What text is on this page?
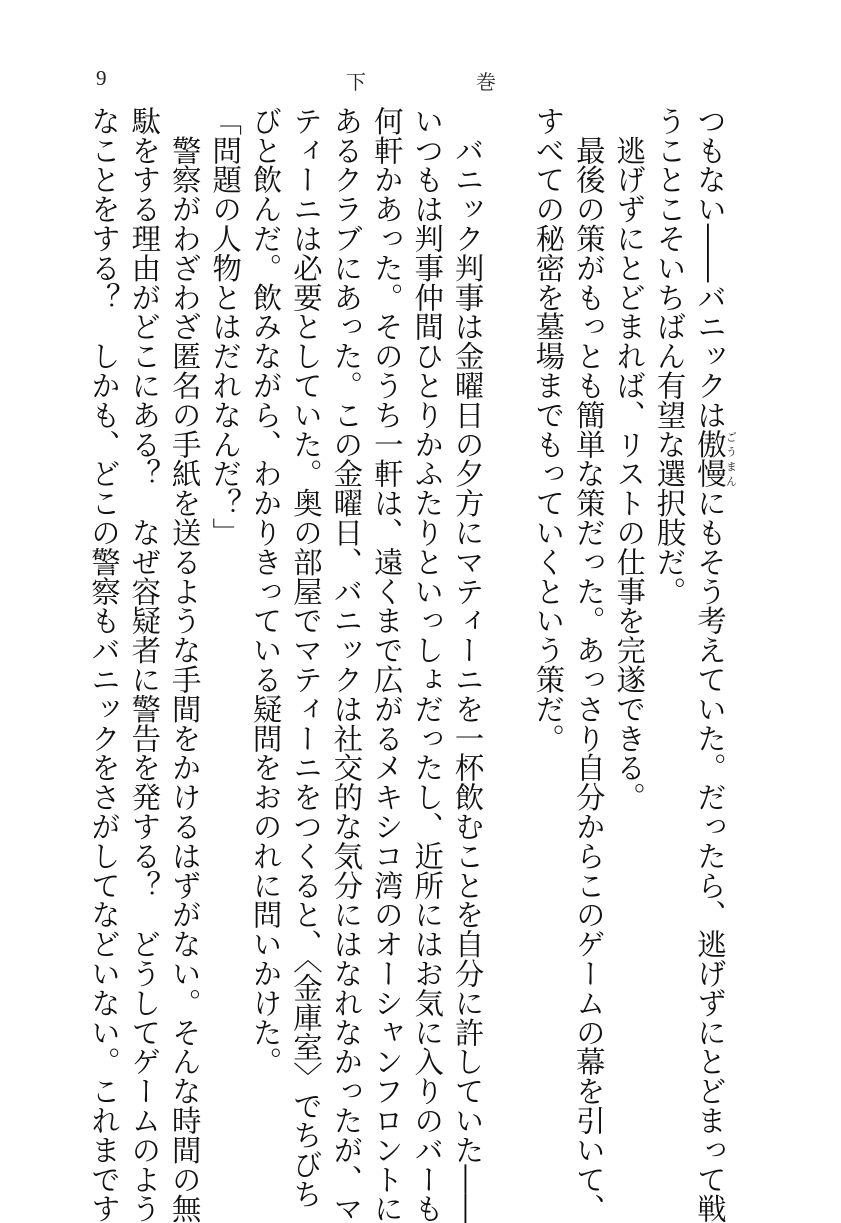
9	下	巻
つもない――バニックは傲慢ごうまんにもそう考えていた。だったら、逃げずにとどまって戦
うことこそいちばん有望な選択肢だ。
　逃げずにとどまれば、リストの仕事を完遂できる。
　最後の策がもっとも簡単な策だった。あっさり自分からこのゲームの幕を引いて、
すべての秘密を墓場までもっていくという策だ。
　バニック判事は金曜日の夕方にマティーニを一杯飲むことを自分に許していた――
いつもは判事仲間ひとりかふたりといっしょだったし、近所にはお気に入りのバーも
何軒かあった。そのうち一軒は、遠くまで広がるメキシコ湾のオーシャンフロントに
あるクラブにあった。この金曜日、バニックは社交的な気分にはなれなかったが、マ
ティーニは必要としていた。奥の部屋でマティーニをつくると、〈金庫室〉でちびち
びと飲んだ。飲みながら、わかりきっている疑問をおのれに問いかけた。
「問題の人物とはだれなんだ？」
　警察がわざわざ匿名の手紙を送るような手間をかけるはずがない。そんな時間の無
駄をする理由がどこにある？　なぜ容疑者に警告を発する？　どうしてゲームのよう
なことをする？　しかも、どこの警察もバニックをさがしてなどいない。これまです
